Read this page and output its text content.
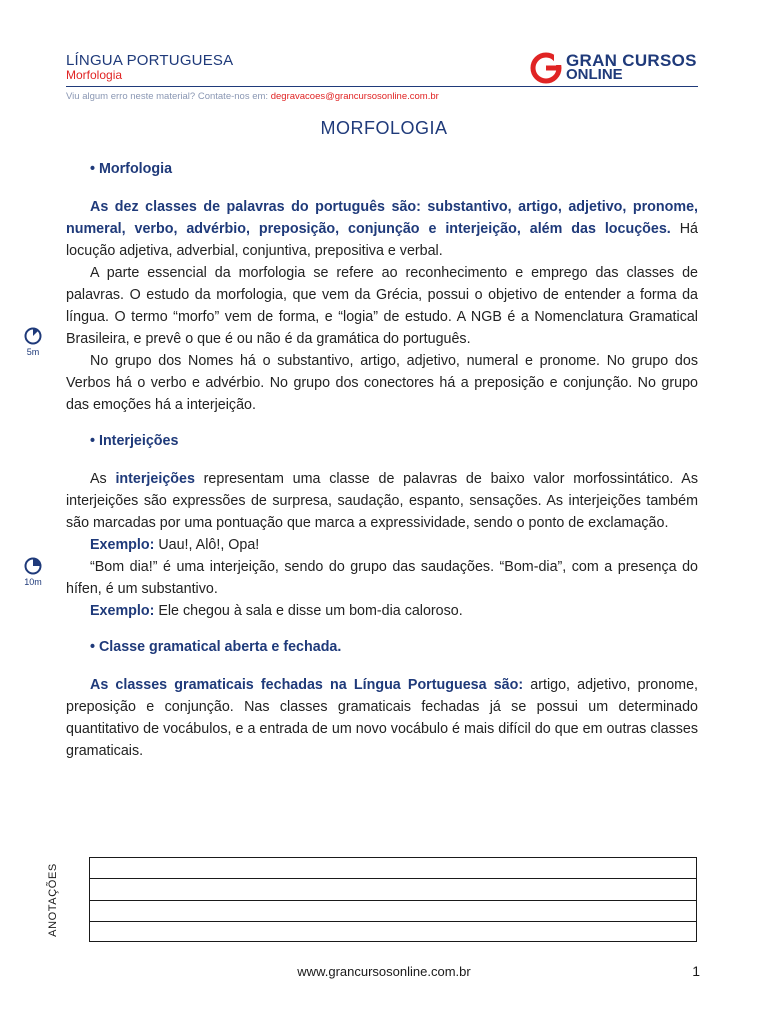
LÍNGUA PORTUGUESA
Morfologia
GRAN CURSOS
ONLINE
Viu algum erro neste material? Contate-nos em: degravacoes@grancursosonline.com.br
MORFOLOGIA
• Morfologia

As dez classes de palavras do português são: substantivo, artigo, adjetivo, pronome, numeral, verbo, advérbio, preposição, conjunção e interjeição, além das locuções. Há locução adjetiva, adverbial, conjuntiva, prepositiva e verbal.

A parte essencial da morfologia se refere ao reconhecimento e emprego das classes de palavras. O estudo da morfologia, que vem da Grécia, possui o objetivo de entender a forma da língua. O termo “morfo” vem de forma, e “logia” de estudo. A NGB é a Nomenclatura Gramatical Brasileira, e prevê o que é ou não é da gramática do português.

No grupo dos Nomes há o substantivo, artigo, adjetivo, numeral e pronome. No grupo dos Verbos há o verbo e advérbio. No grupo dos conectores há a preposição e conjunção. No grupo das emoções há a interjeição.

• Interjeições

As interjeições representam uma classe de palavras de baixo valor morfossintático. As interjeições são expressões de surpresa, saudação, espanto, sensações. As interjeições também são marcadas por uma pontuação que marca a expressividade, sendo o ponto de exclamação.

Exemplo: Uau!, Alô!, Opa!

“Bom dia!” é uma interjeição, sendo do grupo das saudações. “Bom-dia”, com a presença do hífen, é um substantivo.

Exemplo: Ele chegou à sala e disse um bom-dia caloroso.

• Classe gramatical aberta e fechada.

As classes gramaticais fechadas na Língua Portuguesa são: artigo, adjetivo, pronome, preposição e conjunção. Nas classes gramaticais fechadas já se possui um determinado quantitativo de vocábulos, e a entrada de um novo vocábulo é mais difícil do que em outras classes gramaticais.

5m
10m
ANOTAÇÕES
www.grancursosonline.com.br	1
